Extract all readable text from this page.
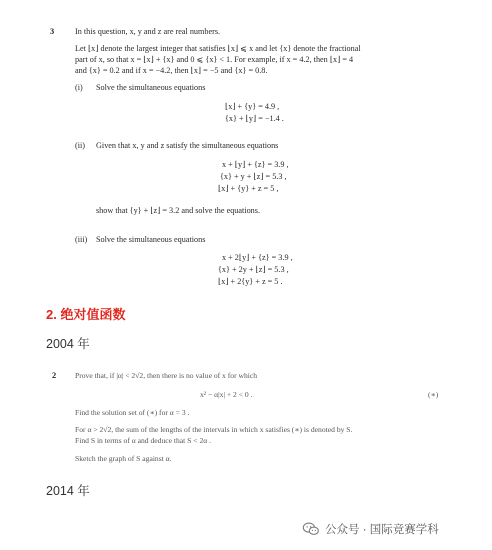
3	In this question, x, y and z are real numbers.
Let ⌊x⌋ denote the largest integer that satisfies ⌊x⌋ ⩽ x and let {x} denote the fractional
part of x, so that x = ⌊x⌋ + {x} and 0 ⩽ {x} < 1. For example, if x = 4.2, then ⌊x⌋ = 4
and {x} = 0.2 and if x = −4.2, then ⌊x⌋ = −5 and {x} = 0.8.
(i) Solve the simultaneous equations
⌊x⌋ + {y} = 4.9 ,
{x} + ⌊y⌋ = −1.4 .
(ii) Given that x, y and z satisfy the simultaneous equations
x + ⌊y⌋ + {z} = 3.9 ,
{x} + y + ⌊z⌋ = 5.3 ,
⌊x⌋ + {y} + z = 5 ,
show that {y} + ⌊z⌋ = 3.2 and solve the equations.
(iii) Solve the simultaneous equations
x + 2⌊y⌋ + {z} = 3.9 ,
{x} + 2y + ⌊z⌋ = 5.3 ,
⌊x⌋ + 2{y} + z = 5 .
2. 绝对值函数
2004 年
2 Prove that, if |α| < 2√2, then there is no value of x for which
x² − α|x| + 2 < 0 .	(∗)
Find the solution set of (∗) for α = 3 .
For α > 2√2, the sum of the lengths of the intervals in which x satisfies (∗) is denoted by S.
Find S in terms of α and deduce that S < 2α .
Sketch the graph of S against α.
2014 年
公众号 · 国际竞赛学科
